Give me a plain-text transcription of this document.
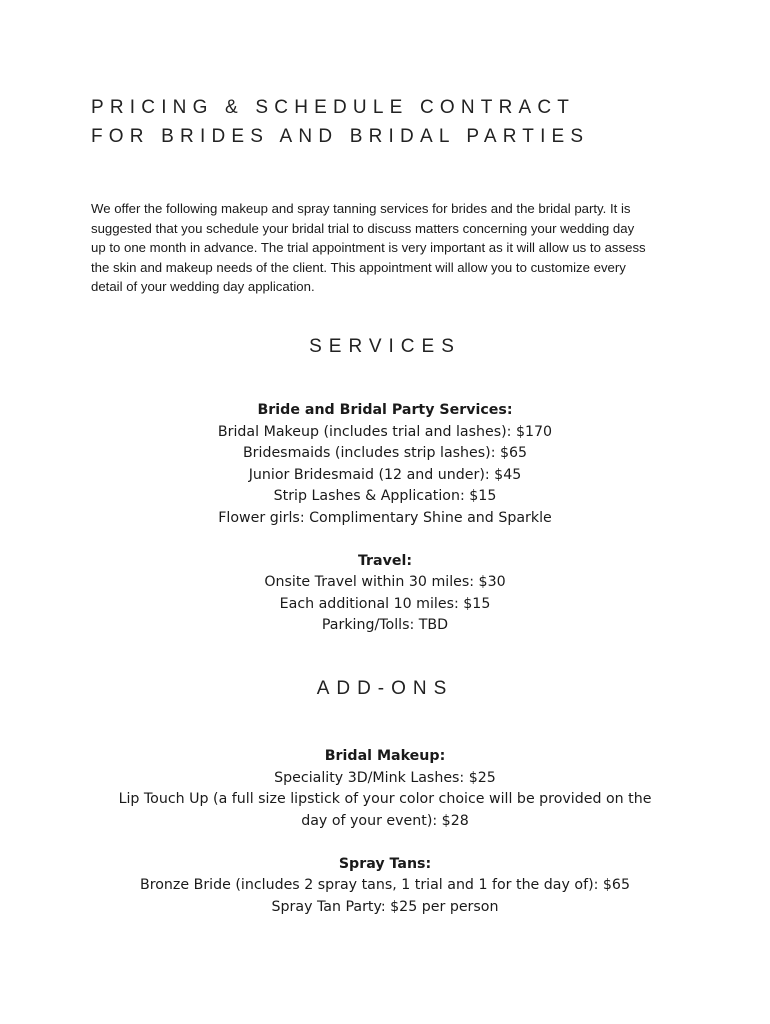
PRICING & SCHEDULE CONTRACT
FOR BRIDES AND BRIDAL PARTIES
We offer the following makeup and spray tanning services for brides and the bridal party. It is
suggested that you schedule your bridal trial to discuss matters concerning your wedding day
up to one month in advance. The trial appointment is very important as it will allow us to assess
the skin and makeup needs of the client. This appointment will allow you to customize every
detail of your wedding day application.
SERVICES
Bride and Bridal Party Services:
Bridal Makeup (includes trial and lashes): $170
Bridesmaids (includes strip lashes): $65
Junior Bridesmaid (12 and under): $45
Strip Lashes & Application: $15
Flower girls: Complimentary Shine and Sparkle
Travel:
Onsite Travel within 30 miles: $30
Each additional 10 miles: $15
Parking/Tolls: TBD
ADD-ONS
Bridal Makeup:
Speciality 3D/Mink Lashes: $25
Lip Touch Up (a full size lipstick of your color choice will be provided on the
day of your event): $28
Spray Tans:
Bronze Bride (includes 2 spray tans, 1 trial and 1 for the day of): $65
Spray Tan Party: $25 per person
